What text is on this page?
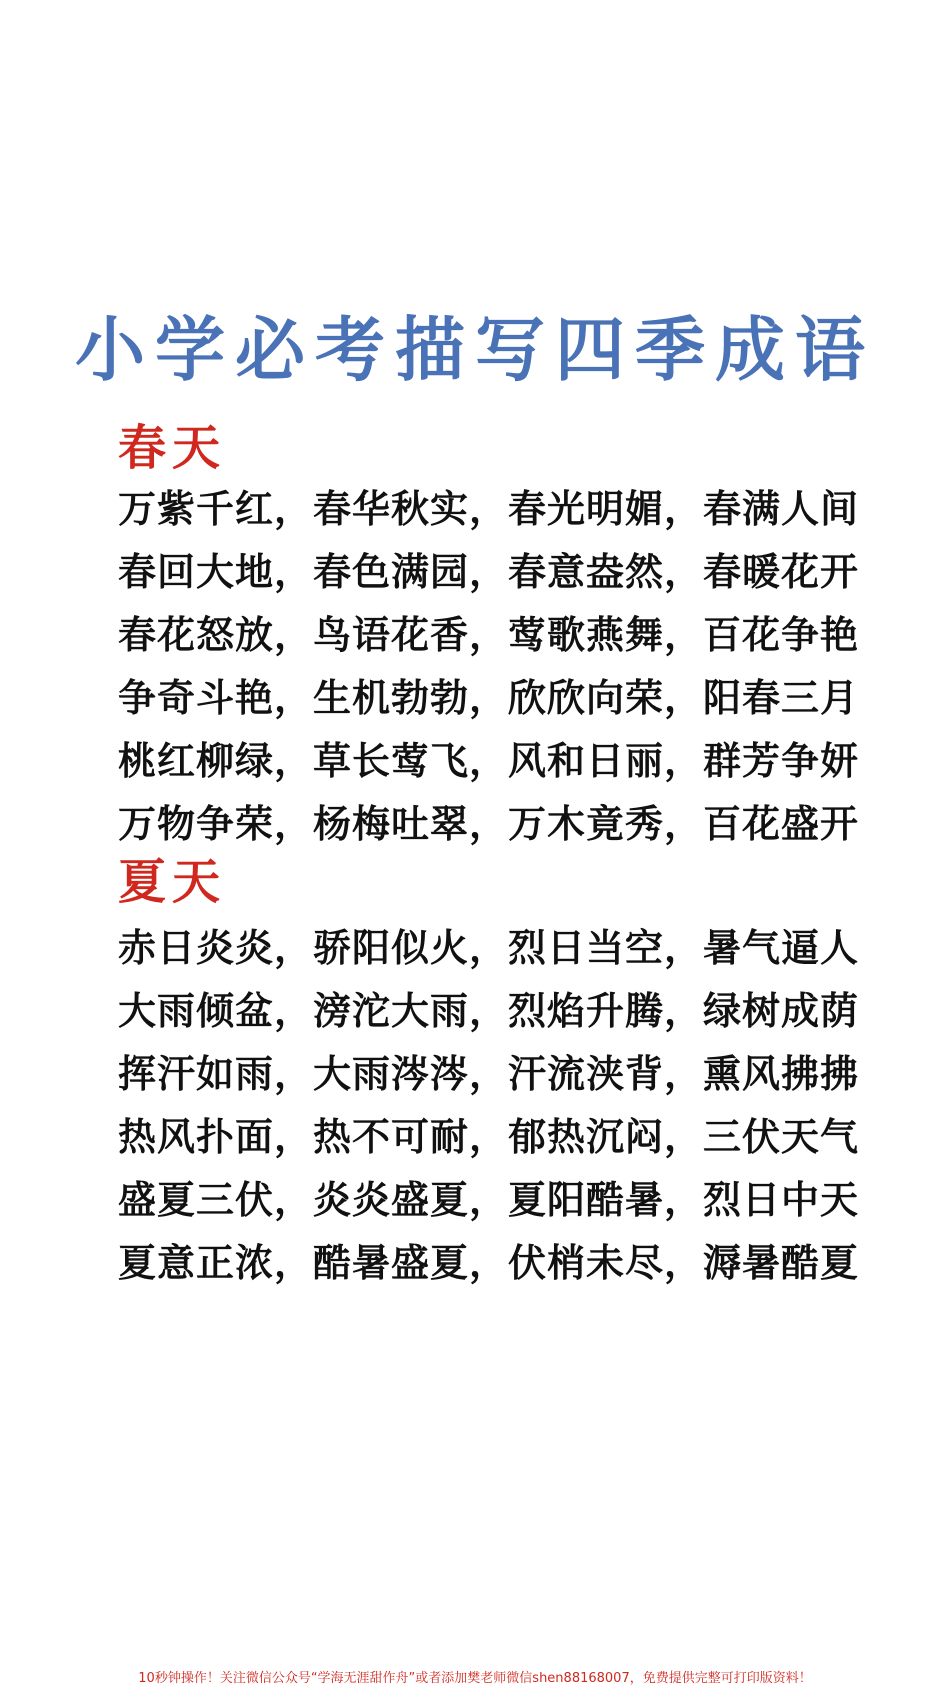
小学必考描写四季成语
春天
万紫千红，春华秋实，春光明媚，春满人间
春回大地，春色满园，春意盎然，春暖花开
春花怒放，鸟语花香，莺歌燕舞，百花争艳
争奇斗艳，生机勃勃，欣欣向荣，阳春三月
桃红柳绿，草长莺飞，风和日丽，群芳争妍
万物争荣，杨梅吐翠，万木竟秀，百花盛开
夏天
赤日炎炎，骄阳似火，烈日当空，暑气逼人
大雨倾盆，滂沱大雨，烈焰升腾，绿树成荫
挥汗如雨，大雨涔涔，汗流浃背，熏风拂拂
热风扑面，热不可耐，郁热沉闷，三伏天气
盛夏三伏，炎炎盛夏，夏阳酷暑，烈日中天
夏意正浓，酷暑盛夏，伏梢未尽，溽暑酷夏
10秒钟操作！关注微信公众号“学海无涯甜作舟”或者添加樊老师微信shen88168007，免费提供完整可打印版资料！
